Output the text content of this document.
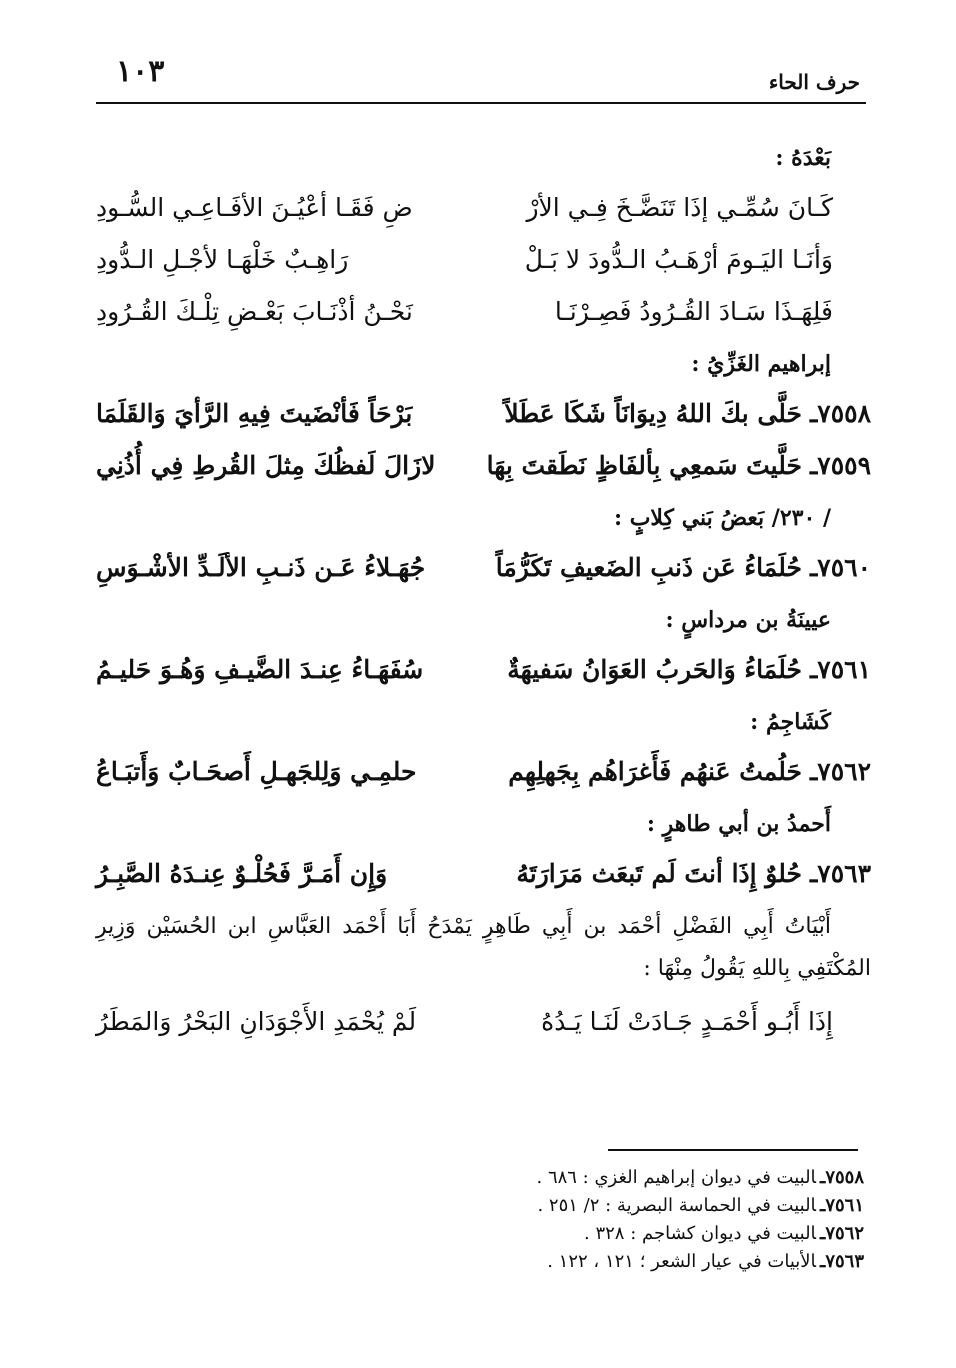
حرف الحاء
١٠٣
بَعْدَهُ :
كَـانَ سُمِّـي إذَا تَنَضَّـخَ فِـي الأرْ
ضِ فَقَـا أعْيُـنَ الأفَـاعِـي السُّـودِ
وَأنَـا اليَـومَ أرْهَـبُ الـدُّودَ لا بَـلْ
رَاهِـبٌ خَلْهَـا لأجْـلِ الـدُّودِ
فَلِهَـذَا سَـادَ القُـرُودُ فَصِـرْنَـا
نَحْـنُ أذْنَـابَ بَعْـضِ تِلْـكَ القُـرُودِ
إبراهيم الغَزِّيُ :
٧٥٥٨ـ
حَلَّى بكَ اللهُ دِيوَانَاً شَكَا عَطَلاً
بَرْحَاً فَأنْضَيتَ فِيهِ الرَّأيَ وَالقَلَمَا
٧٥٥٩ـ
حَلَّيتَ سَمعِي بِألفَاظٍ نَطَقتَ بِهَا
لازَالَ لَفظُكَ مِثلَ القُرطِ فِي أُذُنِي
/ ٢٣٠/ بَعضُ بَني كِلابٍ :
٧٥٦٠ـ
حُلَمَاءُ عَن ذَنبِ الضَعيفِ تَكَرُّمَاً
جُهَـلاءُ عَـن ذَنـبِ الألَـدِّ الأشْـوَسِ
عيينَةُ بن مرداسٍ :
٧٥٦١ـ
حُلَمَاءُ وَالحَربُ العَوَانُ سَفيهَةٌ
سُفَهَـاءُ عِنـدَ الضَّيـفِ وَهُـوَ حَليـمُ
كَشَاجِمُ :
٧٥٦٢ـ
حَلُمتُ عَنهُم فَأَغرَاهُم بِجَهلِهِم
حلمِـي وَلِلجَهـلِ أَصحَـابٌ وَأَتبَـاعُ
أَحمدُ بن أبي طاهرٍ :
٧٥٦٣ـ
حُلوٌ إِذَا أنتَ لَم تَبعَث مَرَارَتَهُ
وَإِن أَمَـرَّ فَحُلْـوٌ عِنـدَهُ الصَّبِـرُ
أَبْيَاتُ أَبِي الفَضْلِ أحْمَد بن أَبِي طَاهِرٍ يَمْدَحُ أَبَا أَحْمَد العَبَّاسِ ابن الحُسَيْن وَزِيرِ المُكْتَفِي بِاللهِ يَقُولُ مِنْهَا :
إِذَا أَبُـو أَحْمَـدٍ جَـادَتْ لَنَـا يَـدُهُ
لَمْ يُحْمَدِ الأَجْوَدَانِ البَحْرُ وَالمَطَرُ
٧٥٥٨ـالبيت في ديوان إبراهيم الغزي : ٦٨٦ .
٧٥٦١ـالبيت في الحماسة البصرية : ٢/ ٢٥١ .
٧٥٦٢ـالبيت في ديوان كشاجم : ٣٢٨ .
٧٥٦٣ـالأبيات في عيار الشعر ؛ ١٢١ ، ١٢٢ .
